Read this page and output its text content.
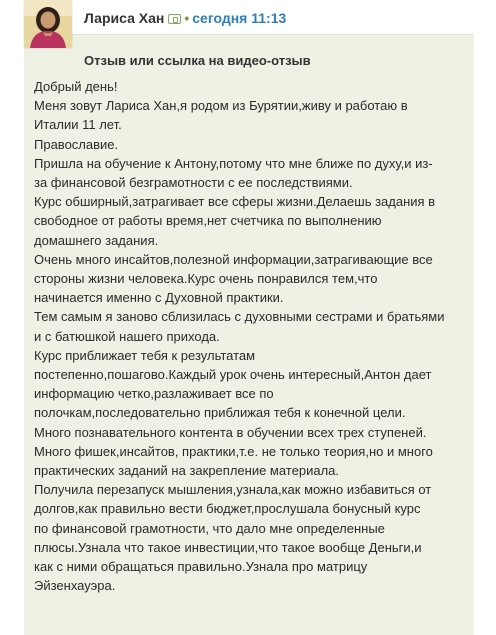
Лариса Хан • сегодня 11:13
Отзыв или ссылка на видео-отзыв

Добрый день!

Меня зовут Лариса Хан,я родом из Бурятии,живу и работаю в

Италии 11 лет.

Православие.

Пришла на обучение к Антону,потому что мне ближе по духу,и из-

за финансовой безграмотности с ее последствиями.

Курс обширный,затрагивает все сферы жизни.Делаешь задания в

свободное от работы время,нет счетчика по выполнению

домашнего задания.

Очень много инсайтов,полезной информации,затрагивающие все

стороны жизни человека.Курс очень понравился тем,что

начинается именно с Духовной практики.

Тем самым я заново сблизилась с духовными сестрами и братьями

и с батюшкой нашего прихода.

Курс приближает тебя к результатам

постепенно,пошагово.Каждый урок очень интересный,Антон дает

информацию четко,разлаживает все по

полочкам,последовательно приближая тебя к конечной цели.

Много познавательного контента в обучении всех трех ступеней.

Много фишек,инсайтов, практики,т.е. не только теория,но и много

практических заданий на закрепление материала.

Получила перезапуск мышления,узнала,как можно избавиться от

долгов,как правильно вести бюджет,прослушала бонусный курс

по финансовой грамотности, что дало мне определенные

плюсы.Узнала что такое инвестиции,что такое вообще Деньги,и

как с ними обращаться правильно.Узнала про матрицу

Эйзенхауэра.
